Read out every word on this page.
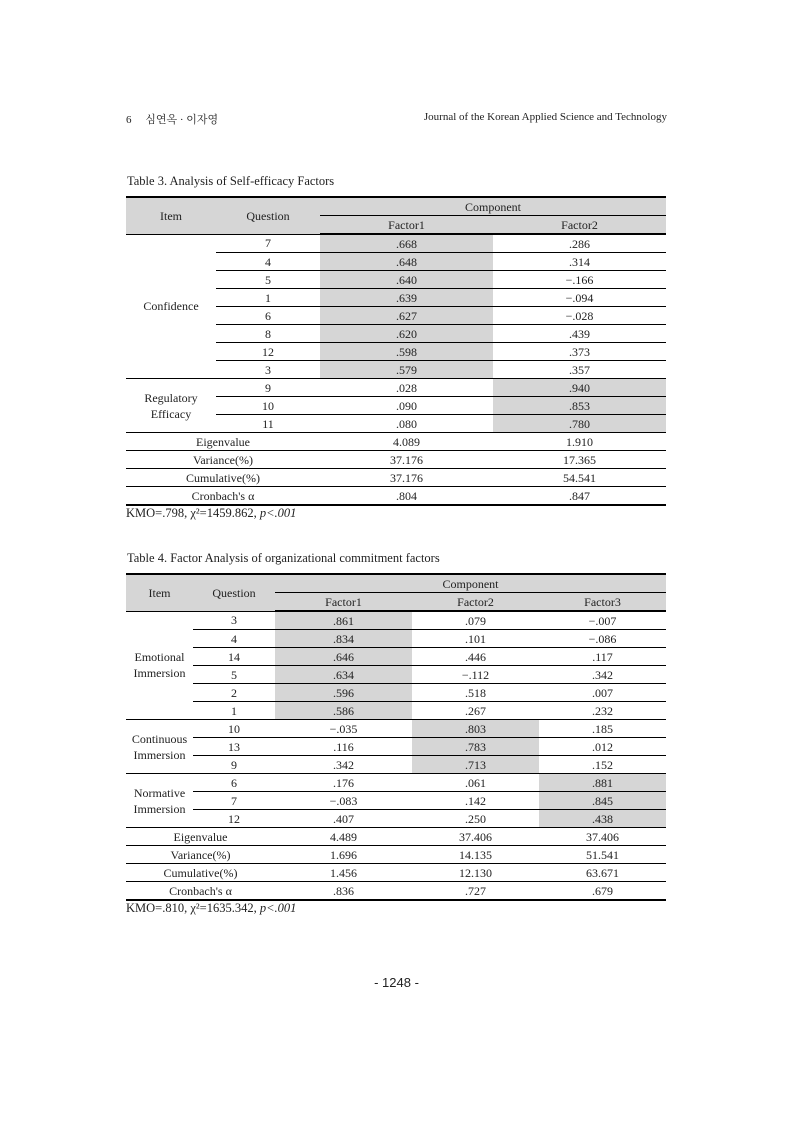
6 심연옥 · 이자영	Journal of the Korean Applied Science and Technology
Table 3. Analysis of Self-efficacy Factors
Item	Question	Component	
		Factor1	Factor2
Confidence	7	.668	.286
	4	.648	.314
	5	.640	−.166
	1	.639	−.094
	6	.627	−.028
	8	.620	.439
	12	.598	.373
	3	.579	.357
Regulatory Efficacy	9	.028	.940
	10	.090	.853
	11	.080	.780
Eigenvalue		4.089	1.910
Variance(%)		37.176	17.365
Cumulative(%)		37.176	54.541
Cronbach's α		.804	.847
KMO=.798, χ²=1459.862, p<.001
Table 4. Factor Analysis of organizational commitment factors
Item	Question	Component		
		Factor1	Factor2	Factor3
Emotional Immersion	3	.861	.079	−.007
	4	.834	.101	−.086
	14	.646	.446	.117
	5	.634	−.112	.342
	2	.596	.518	.007
	1	.586	.267	.232
Continuous Immersion	10	−.035	.803	.185
	13	.116	.783	.012
	9	.342	.713	.152
Normative Immersion	6	.176	.061	.881
	7	−.083	.142	.845
	12	.407	.250	.438
Eigenvalue		4.489	37.406	37.406
Variance(%)		1.696	14.135	51.541
Cumulative(%)		1.456	12.130	63.671
Cronbach's α		.836	.727	.679
KMO=.810, χ²=1635.342, p<.001
- 1248 -
